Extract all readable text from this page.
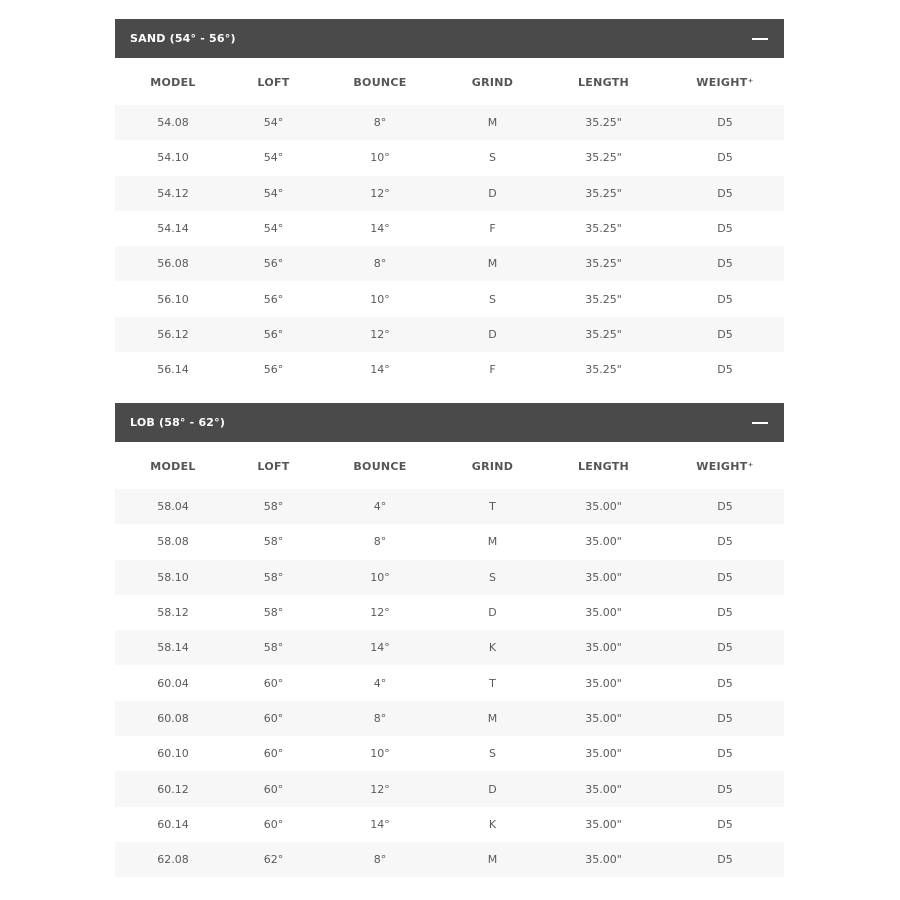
SAND (54° - 56°)
MODEL	LOFT	BOUNCE	GRIND	LENGTH	WEIGHT⁺
54.08	54°	8°	M	35.25"	D5
54.10	54°	10°	S	35.25"	D5
54.12	54°	12°	D	35.25"	D5
54.14	54°	14°	F	35.25"	D5
56.08	56°	8°	M	35.25"	D5
56.10	56°	10°	S	35.25"	D5
56.12	56°	12°	D	35.25"	D5
56.14	56°	14°	F	35.25"	D5
LOB (58° - 62°)
MODEL	LOFT	BOUNCE	GRIND	LENGTH	WEIGHT⁺
58.04	58°	4°	T	35.00"	D5
58.08	58°	8°	M	35.00"	D5
58.10	58°	10°	S	35.00"	D5
58.12	58°	12°	D	35.00"	D5
58.14	58°	14°	K	35.00"	D5
60.04	60°	4°	T	35.00"	D5
60.08	60°	8°	M	35.00"	D5
60.10	60°	10°	S	35.00"	D5
60.12	60°	12°	D	35.00"	D5
60.14	60°	14°	K	35.00"	D5
62.08	62°	8°	M	35.00"	D5
